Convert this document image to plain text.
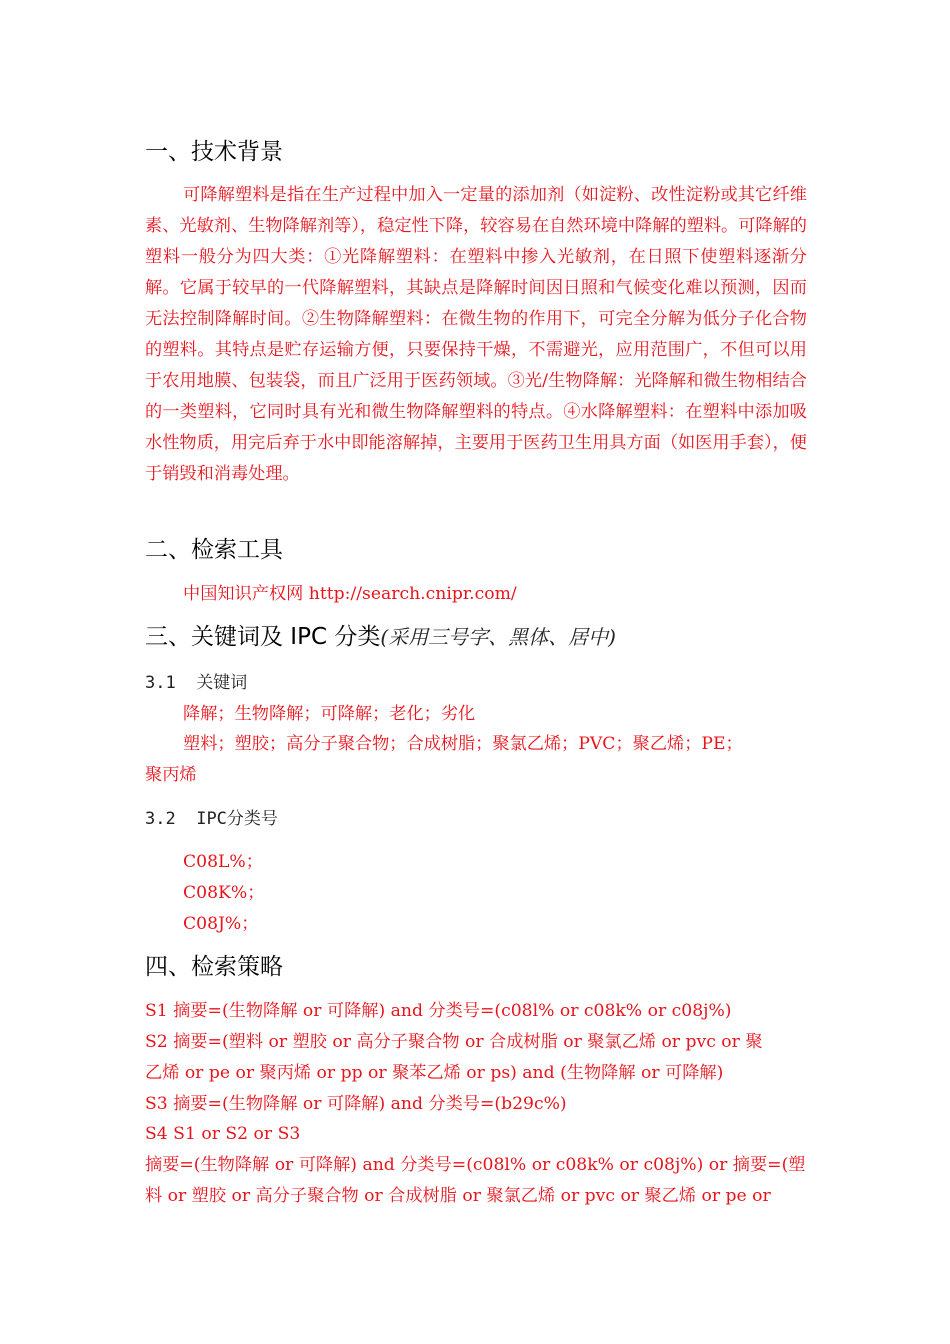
一、技术背景
可降解塑料是指在生产过程中加入一定量的添加剂（如淀粉、改性淀粉或其它纤维素、光敏剂、生物降解剂等），稳定性下降，较容易在自然环境中降解的塑料。可降解的塑料一般分为四大类：①光降解塑料：在塑料中掺入光敏剂，在日照下使塑料逐渐分解。它属于较早的一代降解塑料，其缺点是降解时间因日照和气候变化难以预测，因而无法控制降解时间。②生物降解塑料：在微生物的作用下，可完全分解为低分子化合物的塑料。其特点是贮存运输方便，只要保持干燥，不需避光，应用范围广，不但可以用于农用地膜、包装袋，而且广泛用于医药领域。③光/生物降解：光降解和微生物相结合的一类塑料，它同时具有光和微生物降解塑料的特点。④水降解塑料：在塑料中添加吸水性物质，用完后弃于水中即能溶解掉，主要用于医药卫生用具方面（如医用手套），便于销毁和消毒处理。
二、检索工具
中国知识产权网 http://search.cnipr.com/
三、关键词及 IPC 分类(采用三号字、黑体、居中)
3.1 关键词
降解；生物降解；可降解；老化；劣化
塑料；塑胶；高分子聚合物；合成树脂；聚氯乙烯；PVC；聚乙烯；PE；
聚丙烯
3.2 IPC分类号
C08L%；
C08K%；
C08J%；
四、检索策略
S1 摘要=(生物降解 or 可降解) and 分类号=(c08l% or c08k% or c08j%)
S2 摘要=(塑料 or 塑胶 or 高分子聚合物 or 合成树脂 or 聚氯乙烯 or pvc or 聚
乙烯 or pe or 聚丙烯 or pp or 聚苯乙烯 or ps) and (生物降解 or 可降解)
S3 摘要=(生物降解 or 可降解) and 分类号=(b29c%)
S4 S1 or S2 or S3
摘要=(生物降解 or 可降解) and 分类号=(c08l% or c08k% or c08j%) or 摘要=(塑
料 or 塑胶 or 高分子聚合物 or 合成树脂 or 聚氯乙烯 or pvc or 聚乙烯 or pe or
